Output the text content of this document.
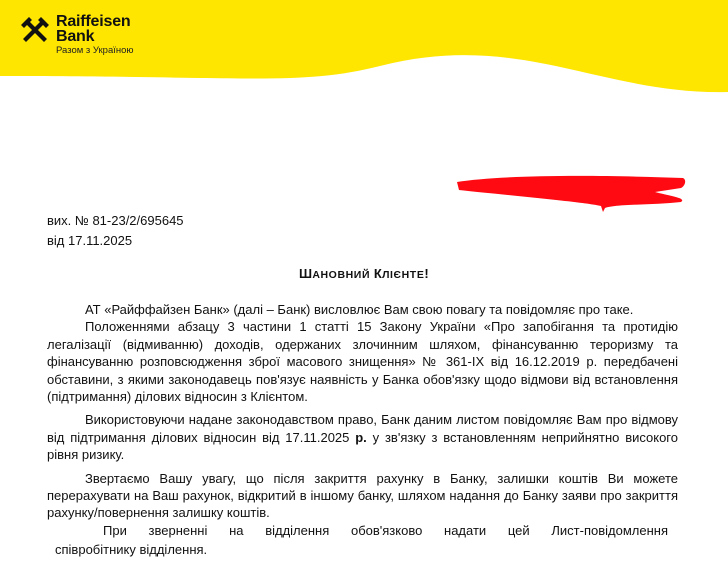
Raiffeisen
Bank
Разом з Україною
вих. № 81-23/2/695645
від 17.11.2025
ШАНОВНИЙ КЛІЄНТЕ!

АТ «Райффайзен Банк» (далі – Банк) висловлює Вам свою повагу та повідомляє про таке.

Положеннями абзацу 3 частини 1 статті 15 Закону України «Про запобігання та протидію легалізації (відмиванню) доходів, одержаних злочинним шляхом, фінансуванню тероризму та фінансуванню розповсюдження зброї масового знищення» № 361-IX від 16.12.2019 р. передбачені обставини, з якими законодавець пов'язує наявність у Банка обов'язку щодо відмови від встановлення (підтримання) ділових відносин з Клієнтом.

Використовуючи надане законодавством право, Банк даним листом повідомляє Вам про відмову від підтримання ділових відносин від 17.11.2025 р. у зв'язку з встановленням неприйнятно високого рівня ризику.

Звертаємо Вашу увагу, що після закриття рахунку в Банку, залишки коштів Ви можете перерахувати на Ваш рахунок, відкритий в іншому банку, шляхом надання до Банку заяви про закриття рахунку/повернення залишку коштів.

При зверненні на відділення обов'язково надати цей Лист-повідомлення
співробітнику відділення.
